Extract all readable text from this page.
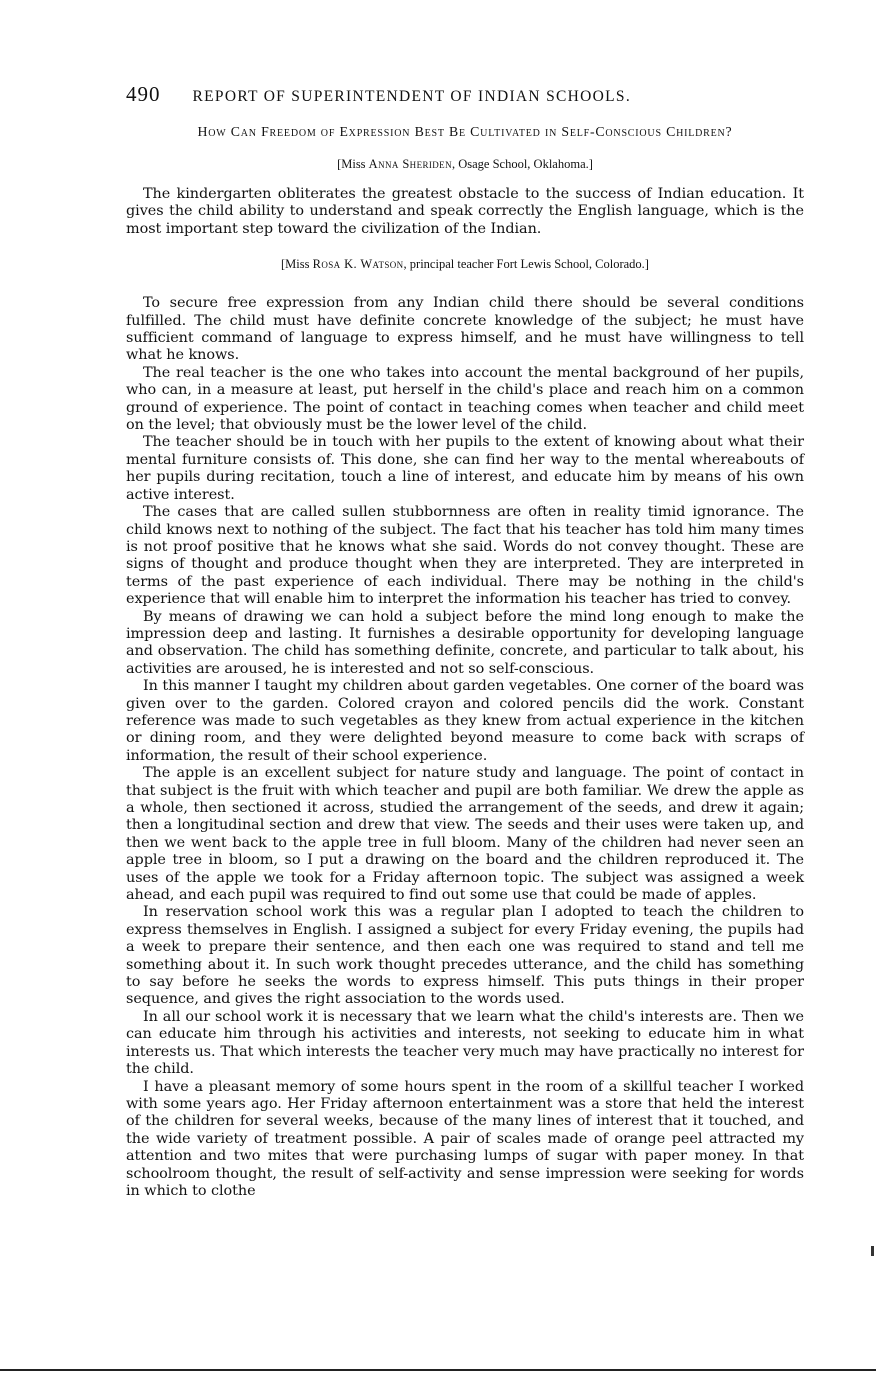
490 REPORT OF SUPERINTENDENT OF INDIAN SCHOOLS.
How Can Freedom of Expression Best Be Cultivated in Self-Conscious Children?
[Miss Anna Sheriden, Osage School, Oklahoma.]

The kindergarten obliterates the greatest obstacle to the success of Indian education. It gives the child ability to understand and speak correctly the English language, which is the most important step toward the civilization of the Indian.

[Miss Rosa K. Watson, principal teacher Fort Lewis School, Colorado.]

To secure free expression from any Indian child there should be several conditions fulfilled. The child must have definite concrete knowledge of the subject; he must have sufficient command of language to express himself, and he must have willingness to tell what he knows.

The real teacher is the one who takes into account the mental background of her pupils, who can, in a measure at least, put herself in the child's place and reach him on a common ground of experience. The point of contact in teaching comes when teacher and child meet on the level; that obviously must be the lower level of the child.

The teacher should be in touch with her pupils to the extent of knowing about what their mental furniture consists of. This done, she can find her way to the mental whereabouts of her pupils during recitation, touch a line of interest, and educate him by means of his own active interest.

The cases that are called sullen stubbornness are often in reality timid ignorance. The child knows next to nothing of the subject. The fact that his teacher has told him many times is not proof positive that he knows what she said. Words do not convey thought. These are signs of thought and produce thought when they are interpreted. They are interpreted in terms of the past experience of each individual. There may be nothing in the child's experience that will enable him to interpret the information his teacher has tried to convey.

By means of drawing we can hold a subject before the mind long enough to make the impression deep and lasting. It furnishes a desirable opportunity for developing language and observation. The child has something definite, concrete, and particular to talk about, his activities are aroused, he is interested and not so self-conscious.

In this manner I taught my children about garden vegetables. One corner of the board was given over to the garden. Colored crayon and colored pencils did the work. Constant reference was made to such vegetables as they knew from actual experience in the kitchen or dining room, and they were delighted beyond measure to come back with scraps of information, the result of their school experience.

The apple is an excellent subject for nature study and language. The point of contact in that subject is the fruit with which teacher and pupil are both familiar. We drew the apple as a whole, then sectioned it across, studied the arrangement of the seeds, and drew it again; then a longitudinal section and drew that view. The seeds and their uses were taken up, and then we went back to the apple tree in full bloom. Many of the children had never seen an apple tree in bloom, so I put a drawing on the board and the children reproduced it. The uses of the apple we took for a Friday afternoon topic. The subject was assigned a week ahead, and each pupil was required to find out some use that could be made of apples.

In reservation school work this was a regular plan I adopted to teach the children to express themselves in English. I assigned a subject for every Friday evening, the pupils had a week to prepare their sentence, and then each one was required to stand and tell me something about it. In such work thought precedes utterance, and the child has something to say before he seeks the words to express himself. This puts things in their proper sequence, and gives the right association to the words used.

In all our school work it is necessary that we learn what the child's interests are. Then we can educate him through his activities and interests, not seeking to educate him in what interests us. That which interests the teacher very much may have practically no interest for the child.

I have a pleasant memory of some hours spent in the room of a skillful teacher I worked with some years ago. Her Friday afternoon entertainment was a store that held the interest of the children for several weeks, because of the many lines of interest that it touched, and the wide variety of treatment possible. A pair of scales made of orange peel attracted my attention and two mites that were purchasing lumps of sugar with paper money. In that schoolroom thought, the result of self-activity and sense impression were seeking for words in which to clothe
